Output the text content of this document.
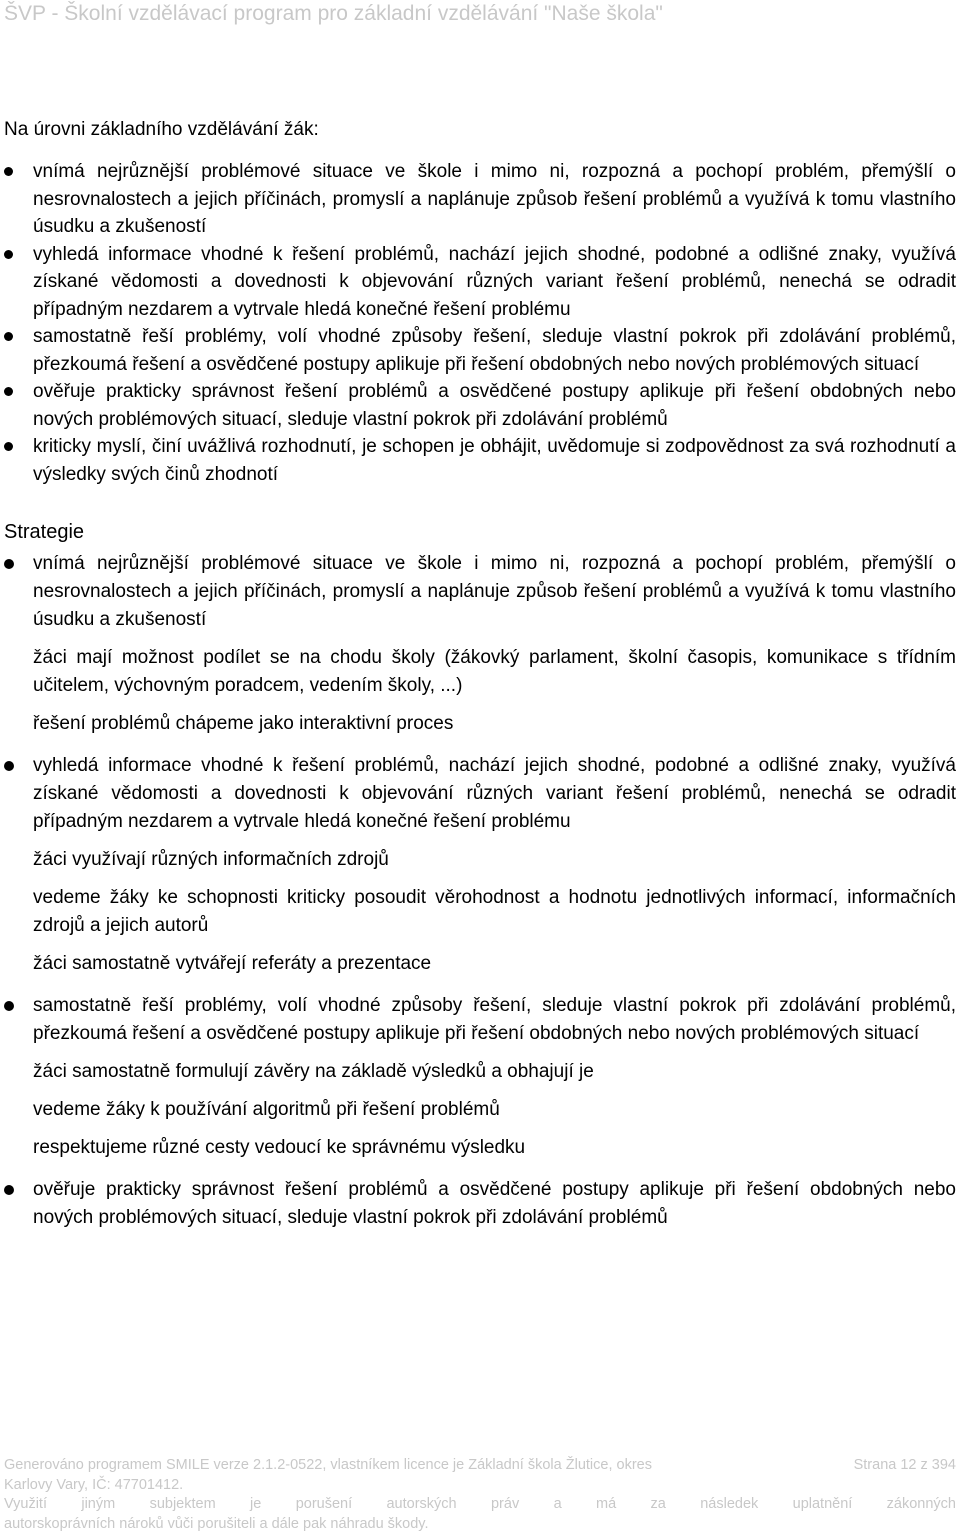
ŠVP - Školní vzdělávací program pro základní vzdělávání "Naše škola"
Na úrovni základního vzdělávání žák:
vnímá nejrůznější problémové situace ve škole i mimo ni, rozpozná a pochopí problém, přemýšlí o nesrovnalostech a jejich příčinách, promyslí a naplánuje způsob řešení problémů a využívá k tomu vlastního úsudku a zkušeností
vyhledá informace vhodné k řešení problémů, nachází jejich shodné, podobné a odlišné znaky, využívá získané vědomosti a dovednosti k objevování různých variant řešení problémů, nenechá se odradit případným nezdarem a vytrvale hledá konečné řešení problému
samostatně řeší problémy, volí vhodné způsoby řešení, sleduje vlastní pokrok při zdolávání problémů, přezkoumá řešení a osvědčené postupy aplikuje při řešení obdobných nebo nových problémových situací
ověřuje prakticky správnost řešení problémů a osvědčené postupy aplikuje při řešení obdobných nebo nových problémových situací, sleduje vlastní pokrok při zdolávání problémů
kriticky myslí, činí uvážlivá rozhodnutí, je schopen je obhájit, uvědomuje si zodpovědnost za svá rozhodnutí a výsledky svých činů zhodnotí
Strategie
vnímá nejrůznější problémové situace ve škole i mimo ni, rozpozná a pochopí problém, přemýšlí o nesrovnalostech a jejich příčinách, promyslí a naplánuje způsob řešení problémů a využívá k tomu vlastního úsudku a zkušeností
žáci mají možnost podílet se na chodu školy (žákovký parlament, školní časopis, komunikace s třídním učitelem, výchovným poradcem, vedením školy, ...)
řešení problémů chápeme jako interaktivní proces
vyhledá informace vhodné k řešení problémů, nachází jejich shodné, podobné a odlišné znaky, využívá získané vědomosti a dovednosti k objevování různých variant řešení problémů, nenechá se odradit případným nezdarem a vytrvale hledá konečné řešení problému
žáci využívají různých informačních zdrojů
vedeme žáky ke schopnosti kriticky posoudit věrohodnost a hodnotu jednotlivých informací, informačních zdrojů a jejich autorů
žáci samostatně vytvářejí referáty a prezentace
samostatně řeší problémy, volí vhodné způsoby řešení, sleduje vlastní pokrok při zdolávání problémů, přezkoumá řešení a osvědčené postupy aplikuje při řešení obdobných nebo nových problémových situací
žáci samostatně formulují závěry na základě výsledků a obhajují je
vedeme žáky k používání algoritmů při řešení problémů
respektujeme různé cesty vedoucí ke správnému výsledku
ověřuje prakticky správnost řešení problémů a osvědčené postupy aplikuje při řešení obdobných nebo nových problémových situací, sleduje vlastní pokrok při zdolávání problémů
Generováno programem SMILE verze 2.1.2-0522, vlastníkem licence je Základní škola Žlutice, okres	Strana 12 z 394
Karlovy Vary, IČ: 47701412.
Využití jiným subjektem je porušení autorských práv a má za následek uplatnění zákonných
autorskoprávních nároků vůči porušiteli a dále pak náhradu škody.
